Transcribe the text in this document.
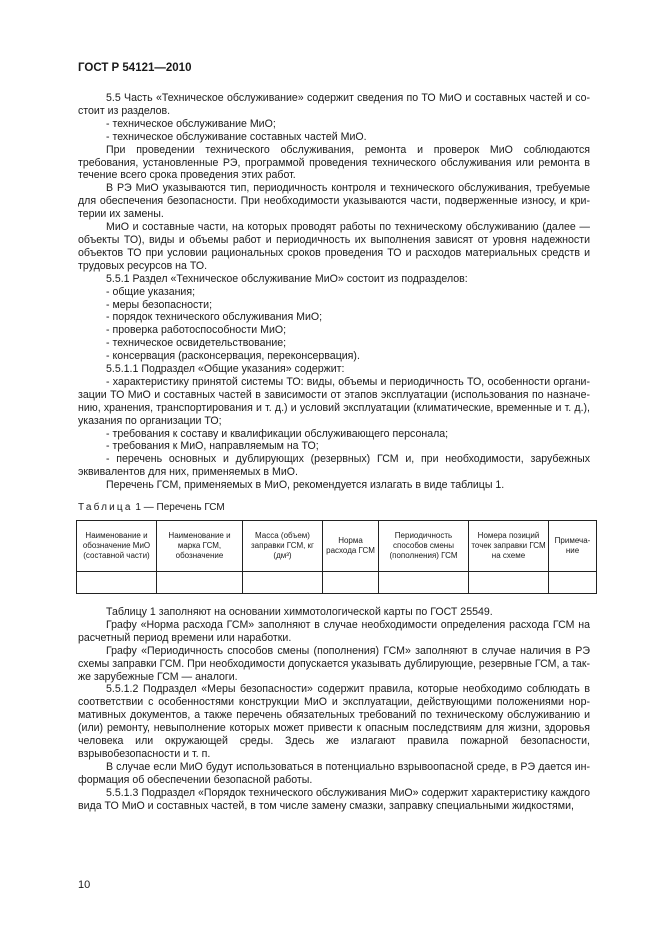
ГОСТ Р 54121—2010

5.5 Часть «Техническое обслуживание» содержит сведения по ТО МиО и составных частей и состоит из разделов.

- техническое обслуживание МиО;

- техническое обслуживание составных частей МиО.

При проведении технического обслуживания, ремонта и проверок МиО соблюдаются требования, установленные РЭ, программой проведения технического обслуживания или ремонта в течение всего срока проведения этих работ.

В РЭ МиО указываются тип, периодичность контроля и технического обслуживания, требуемые для обеспечения безопасности. При необходимости указываются части, подверженные износу, и критерии их замены.

МиО и составные части, на которых проводят работы по техническому обслуживанию (далее — объекты ТО), виды и объемы работ и периодичность их выполнения зависят от уровня надежности объектов ТО при условии рациональных сроков проведения ТО и расходов материальных средств и трудовых ресурсов на ТО.

5.5.1 Раздел «Техническое обслуживание МиО» состоит из подразделов:

- общие указания;

- меры безопасности;

- порядок технического обслуживания МиО;

- проверка работоспособности МиО;

- техническое освидетельствование;

- консервация (расконсервация, переконсервация).

5.5.1.1 Подраздел «Общие указания» содержит:

- характеристику принятой системы ТО: виды, объемы и периодичность ТО, особенности организации ТО МиО и составных частей в зависимости от этапов эксплуатации (использования по назначению, хранения, транспортирования и т. д.) и условий эксплуатации (климатические, временные и т. д.), указания по организации ТО;

- требования к составу и квалификации обслуживающего персонала;

- требования к МиО, направляемым на ТО;

- перечень основных и дублирующих (резервных) ГСМ и, при необходимости, зарубежных эквивалентов для них, применяемых в МиО.

Перечень ГСМ, применяемых в МиО, рекомендуется излагать в виде таблицы 1.

Таблица 1 — Перечень ГСМ
Наименование и обозначение МиО (составной части)	Наименование и марка ГСМ, обозначение	Масса (объем) заправки ГСМ, кг (дм³)	Норма расхода ГСМ	Периодичность способов смены (пополнения) ГСМ	Номера позиций точек заправки ГСМ на схеме	Примечание

Таблицу 1 заполняют на основании химмотологической карты по ГОСТ 25549.

Графу «Норма расхода ГСМ» заполняют в случае необходимости определения расхода ГСМ на расчетный период времени или наработки.

Графу «Периодичность способов смены (пополнения) ГСМ» заполняют в случае наличия в РЭ схемы заправки ГСМ. При необходимости допускается указывать дублирующие, резервные ГСМ, а также зарубежные ГСМ — аналоги.

5.5.1.2 Подраздел «Меры безопасности» содержит правила, которые необходимо соблюдать в соответствии с особенностями конструкции МиО и эксплуатации, действующими положениями нормативных документов, а также перечень обязательных требований по техническому обслуживанию и (или) ремонту, невыполнение которых может привести к опасным последствиям для жизни, здоровья человека или окружающей среды. Здесь же излагают правила пожарной безопасности, взрывобезопасности и т. п.

В случае если МиО будут использоваться в потенциально взрывоопасной среде, в РЭ дается информация об обеспечении безопасной работы.

5.5.1.3 Подраздел «Порядок технического обслуживания МиО» содержит характеристику каждого вида ТО МиО и составных частей, в том числе замену смазки, заправку специальными жидкостями,

10
